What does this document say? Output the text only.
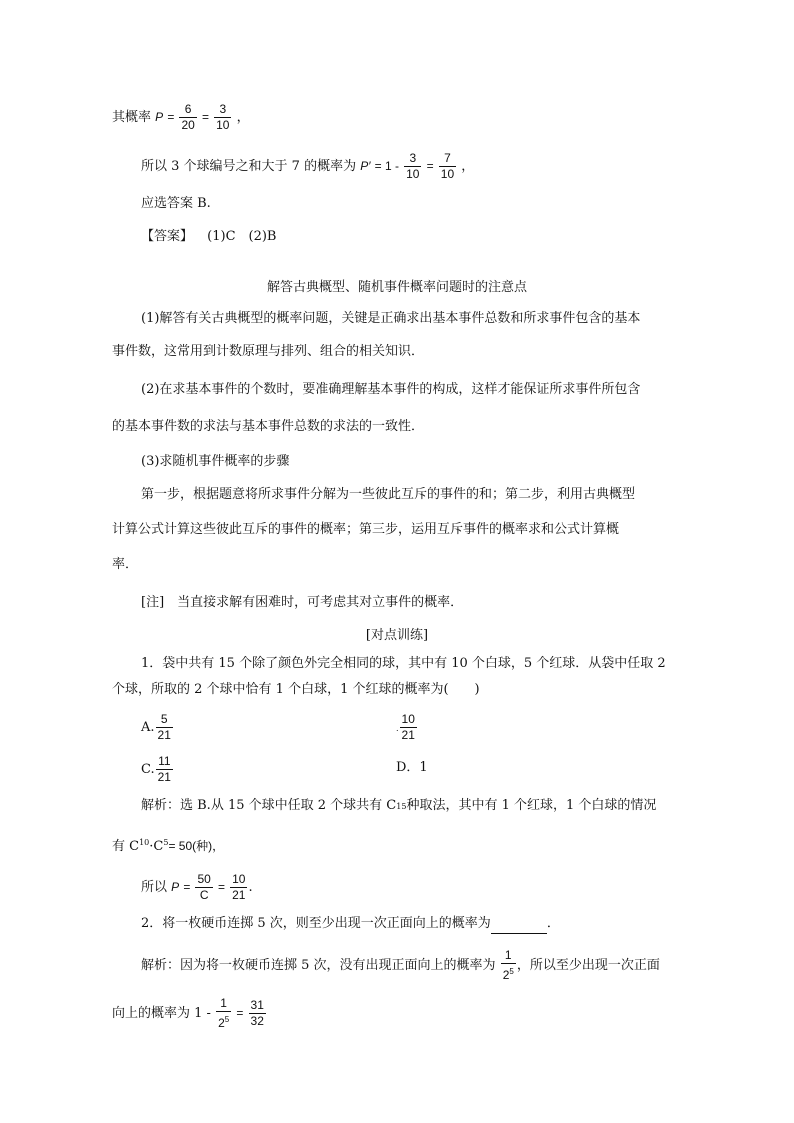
其概率 $P = \frac{6}{20} = \frac{3}{10}$ ，
所以 3 个球编号之和大于 7 的概率为 $P' = 1 - \frac{3}{10} = \frac{7}{10}$ ，
应选答案 B.
【答案】 (1)C　(2)B
解答古典概型、随机事件概率问题时的注意点
(1)解答有关古典概型的概率问题，关键是正确求出基本事件总数和所求事件包含的基本
事件数，这常用到计数原理与排列、组合的相关知识．
(2)在求基本事件的个数时，要准确理解基本事件的构成，这样才能保证所求事件所包含
的基本事件数的求法与基本事件总数的求法的一致性．
(3)求随机事件概率的步骤
第一步，根据题意将所求事件分解为一些彼此互斥的事件的和；第二步，利用古典概型
计算公式计算这些彼此互斥的事件的概率；第三步，运用互斥事件的概率求和公式计算概
率．
[注]　当直接求解有困难时，可考虑其对立事件的概率．
[对点训练]
1．袋中共有 15 个除了颜色外完全相同的球，其中有 10 个白球，5 个红球．从袋中任取 2
个球，所取的 2 个球中恰有 1 个白球，1 个红球的概率为(　　)
A. $\frac{5}{21}$	. $\frac{10}{21}$
C. $\frac{11}{21}$	D．1
解析：选 B.从 15 个球中任取 2 个球共有 C15种取法，其中有 1 个红球，1 个白球的情况
有 $C^{10}\cdot C^5= 50$(种)，
所以 $P = \frac{50}{C} = \frac{10}{21}$ .
2．将一枚硬币连掷 5 次，则至少出现一次正面向上的概率为	．
解析：因为将一枚硬币连掷 5 次，没有出现正面向上的概率为 $\frac{1}{2^5}$ ，所以至少出现一次正面
向上的概率为 $1 - \frac{1}{2^5} = \frac{31}{32}$
